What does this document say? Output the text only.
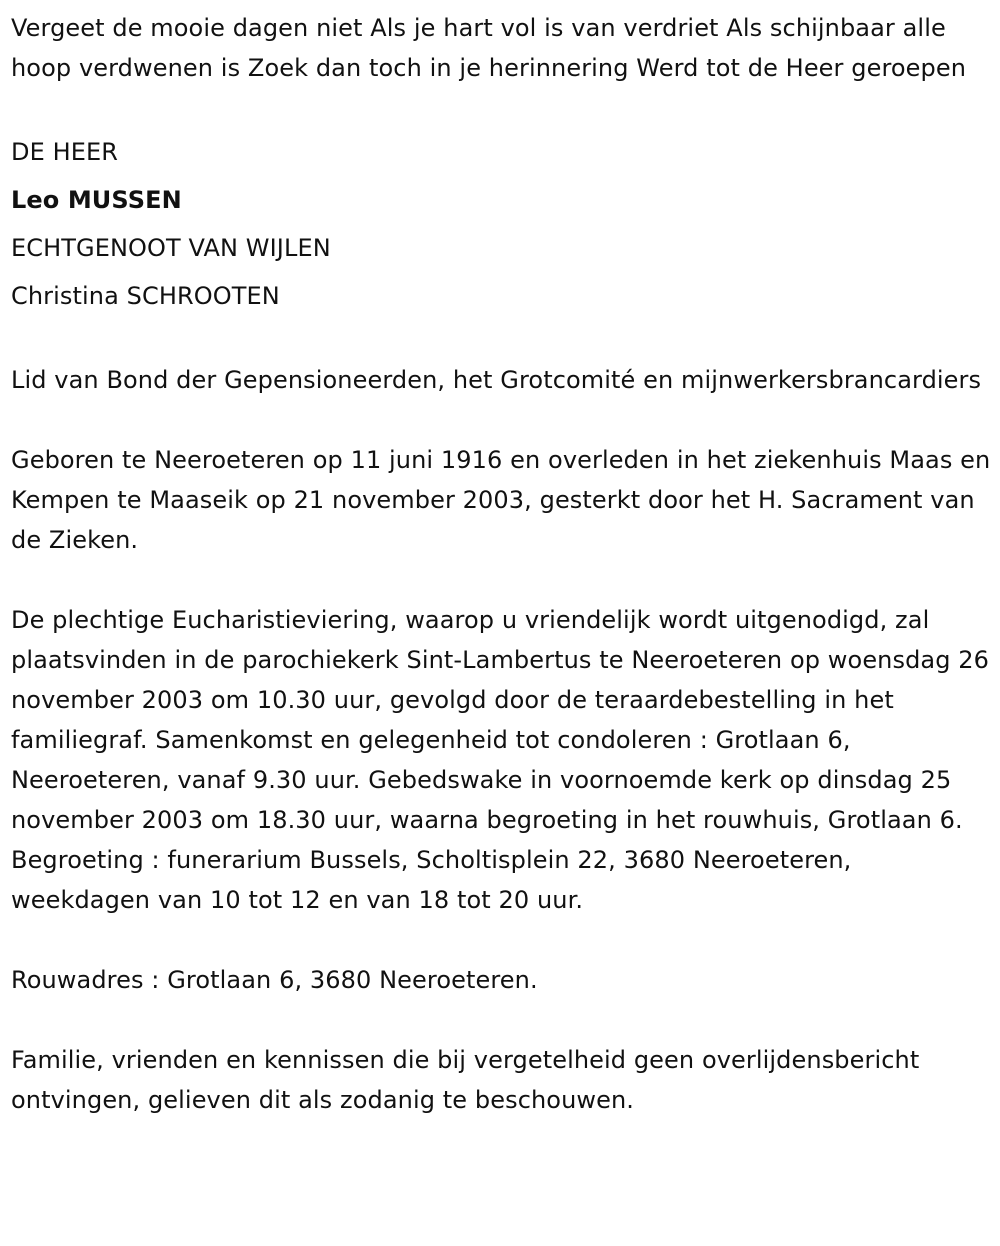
Vergeet de mooie dagen niet Als je hart vol is van verdriet Als schijnbaar alle hoop verdwenen is Zoek dan toch in je herinnering Werd tot de Heer geroepen

DE HEER

Leo MUSSEN

ECHTGENOOT VAN WIJLEN

Christina SCHROOTEN

Lid van Bond der Gepensioneerden, het Grotcomité en mijnwerkersbrancardiers

Geboren te Neeroeteren op 11 juni 1916 en overleden in het ziekenhuis Maas en Kempen te Maaseik op 21 november 2003, gesterkt door het H. Sacrament van de Zieken.

De plechtige Eucharistieviering, waarop u vriendelijk wordt uitgenodigd, zal plaatsvinden in de parochiekerk Sint-Lambertus te Neeroeteren op woensdag 26 november 2003 om 10.30 uur, gevolgd door de teraardebestelling in het familiegraf. Samenkomst en gelegenheid tot condoleren : Grotlaan 6, Neeroeteren, vanaf 9.30 uur. Gebedswake in voornoemde kerk op dinsdag 25 november 2003 om 18.30 uur, waarna begroeting in het rouwhuis, Grotlaan 6. Begroeting : funerarium Bussels, Scholtisplein 22, 3680 Neeroeteren, weekdagen van 10 tot 12 en van 18 tot 20 uur.

Rouwadres : Grotlaan 6, 3680 Neeroeteren.

Familie, vrienden en kennissen die bij vergetelheid geen overlijdensbericht ontvingen, gelieven dit als zodanig te beschouwen.
